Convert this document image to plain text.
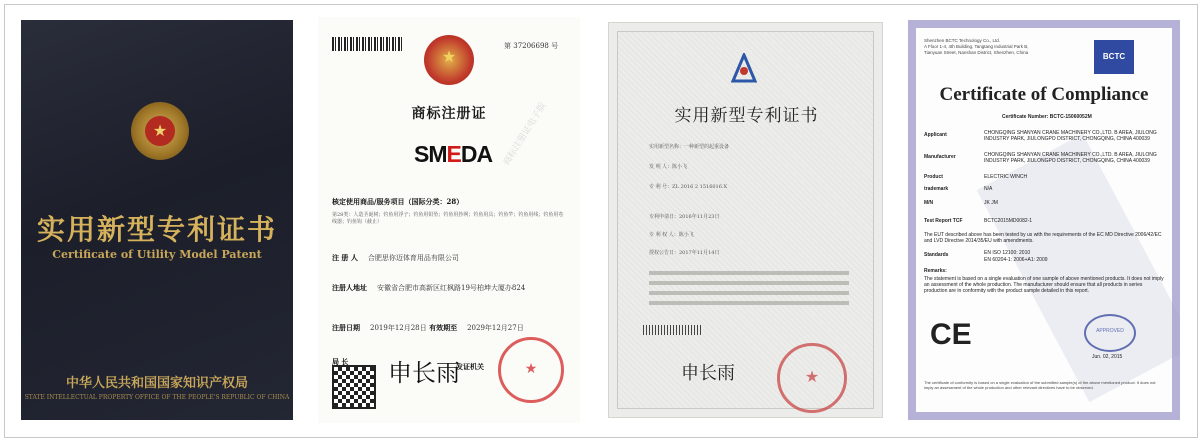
★
实用新型专利证书
Certificate of Utility Model Patent
中华人民共和国国家知识产权局
STATE INTELLECTUAL PROPERTY OFFICE OF THE PEOPLE'S REPUBLIC OF CHINA
第 37206698 号
★
商标注册证
SMEDA
核定使用商品/服务项目（国际分类：28）
第28类：人造圣诞树；钓鱼用浮子；钓鱼用铅坠；钓鱼用抄网；钓鱼用具；钓鱼竿；钓鱼用线；钓鱼用卷线器；钓鱼钩（截止）
注 册 人 合肥思你迈体育用品有限公司
注册人地址 安徽省合肥市高新区红枫路19号柏坤大厦办824
注册日期 2019年12月28日 有效期至 2029年12月27日
局 长 申长雨
发证机关	★
商标注册证电子版	实用新型专利证书
实用新型名称：一种新型的起重设备
发 明 人：陈小飞
专 利 号：ZL 2016 2 1516016.X
专利申请日：2016年11月23日
专 利 权 人：陈小飞
授权公告日：2017年11月14日
申长雨	★
Shenzhen BCTC Technology Co., Ltd.
A Floor 1-4, 4th Building, Tangtang Industrial Park B,
Tianyuan Street, Nanshan District, Shenzhen, China	BCTC
Certificate of Compliance
Certificate Number: BCTC-15060052M
Applicant	CHONGQING SHANYAN CRANE MACHINERY CO.,LTD. B AREA, JIULONG INDUSTRY PARK, JIULONGPO DISTRICT, CHONGQING, CHINA 400039
Manufacturer	CHONGQING SHANYAN CRANE MACHINERY CO.,LTD. B AREA, JIULONG INDUSTRY PARK, JIULONGPO DISTRICT, CHONGQING, CHINA 400039
Product	ELECTRIC WINCH
trademark	N/A
M/N	JK JM
Test Report TCF	BCTC2015MD0082-1
The EUT described above has been tested by us with the requirements of the EC MD Directive 2006/42/EC and LVD Directive 2014/35/EU with amendments.
Standards	EN ISO 12100: 2010
EN 60204-1: 2006+A1: 2009
Remarks:
The statement is based on a single evaluation of one sample of above mentioned products. It does not imply an assessment of the whole production. The manufacturer should ensure that all products in series production are in conformity with the product sample detailed in this report.
CE	APPROVED
Jun. 02, 2015
The certificate of conformity is based on a single evaluation of the submitted sample(s) of the above mentioned product. It does not imply an assessment of the whole production and other relevant directives have to be observed.
